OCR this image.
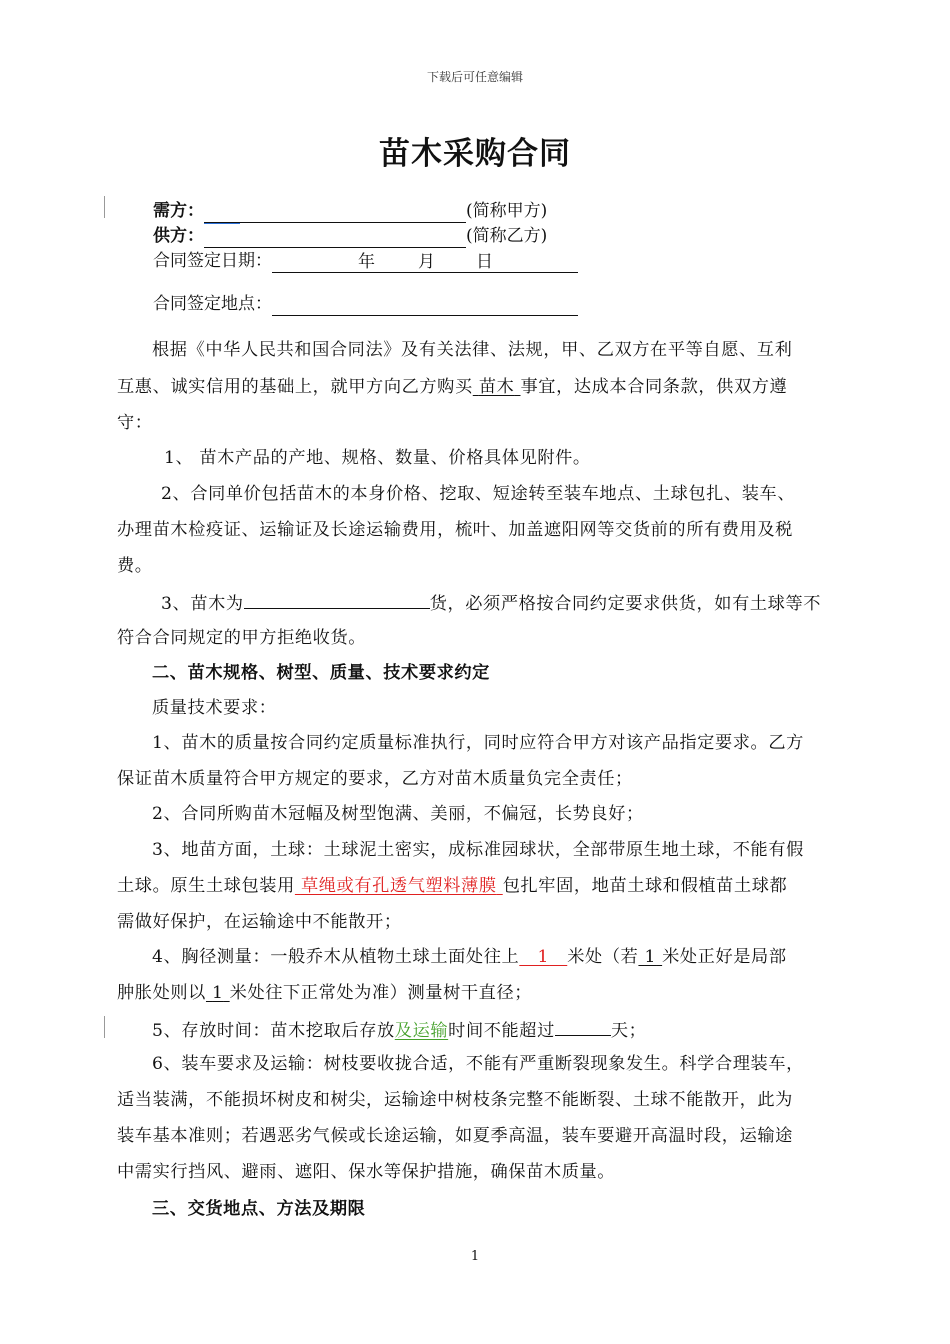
下载后可任意编辑
苗木采购合同
需方：	(简称甲方)
供方：	(简称乙方)
合同签定日期：	年	月 日
合同签定地点：
根据《中华人民共和国合同法》及有关法律、法规，甲、乙双方在平等自愿、互利
互惠、诚实信用的基础上，就甲方向乙方购买 苗木 事宜，达成本合同条款，供双方遵
守：
1、 苗木产品的产地、规格、数量、价格具体见附件。
2、合同单价包括苗木的本身价格、挖取、短途转至装车地点、土球包扎、装车、
办理苗木检疫证、运输证及长途运输费用，梳叶、加盖遮阳网等交货前的所有费用及税
费。
3、苗木为	货，必须严格按合同约定要求供货，如有土球等不
符合合同规定的甲方拒绝收货。
二、苗木规格、树型、质量、技术要求约定
质量技术要求：
1、苗木的质量按合同约定质量标准执行，同时应符合甲方对该产品指定要求。乙方
保证苗木质量符合甲方规定的要求，乙方对苗木质量负完全责任；
2、合同所购苗木冠幅及树型饱满、美丽，不偏冠，长势良好；
3、地苗方面，土球：土球泥土密实，成标准园球状，全部带原生地土球，不能有假
土球。原生土球包装用 草绳或有孔透气塑料薄膜 包扎牢固，地苗土球和假植苗土球都
需做好保护，在运输途中不能散开；
4、胸径测量：一般乔木从植物土球土面处往上 1 米处（若 1 米处正好是局部
肿胀处则以 1 米处往下正常处为准）测量树干直径；
5、存放时间：苗木挖取后存放及运输时间不能超过	天；
6、装车要求及运输：树枝要收拢合适，不能有严重断裂现象发生。科学合理装车，
适当装满，不能损坏树皮和树尖，运输途中树枝条完整不能断裂、土球不能散开，此为
装车基本准则；若遇恶劣气候或长途运输，如夏季高温，装车要避开高温时段，运输途
中需实行挡风、避雨、遮阳、保水等保护措施，确保苗木质量。
三、交货地点、方法及期限
1
